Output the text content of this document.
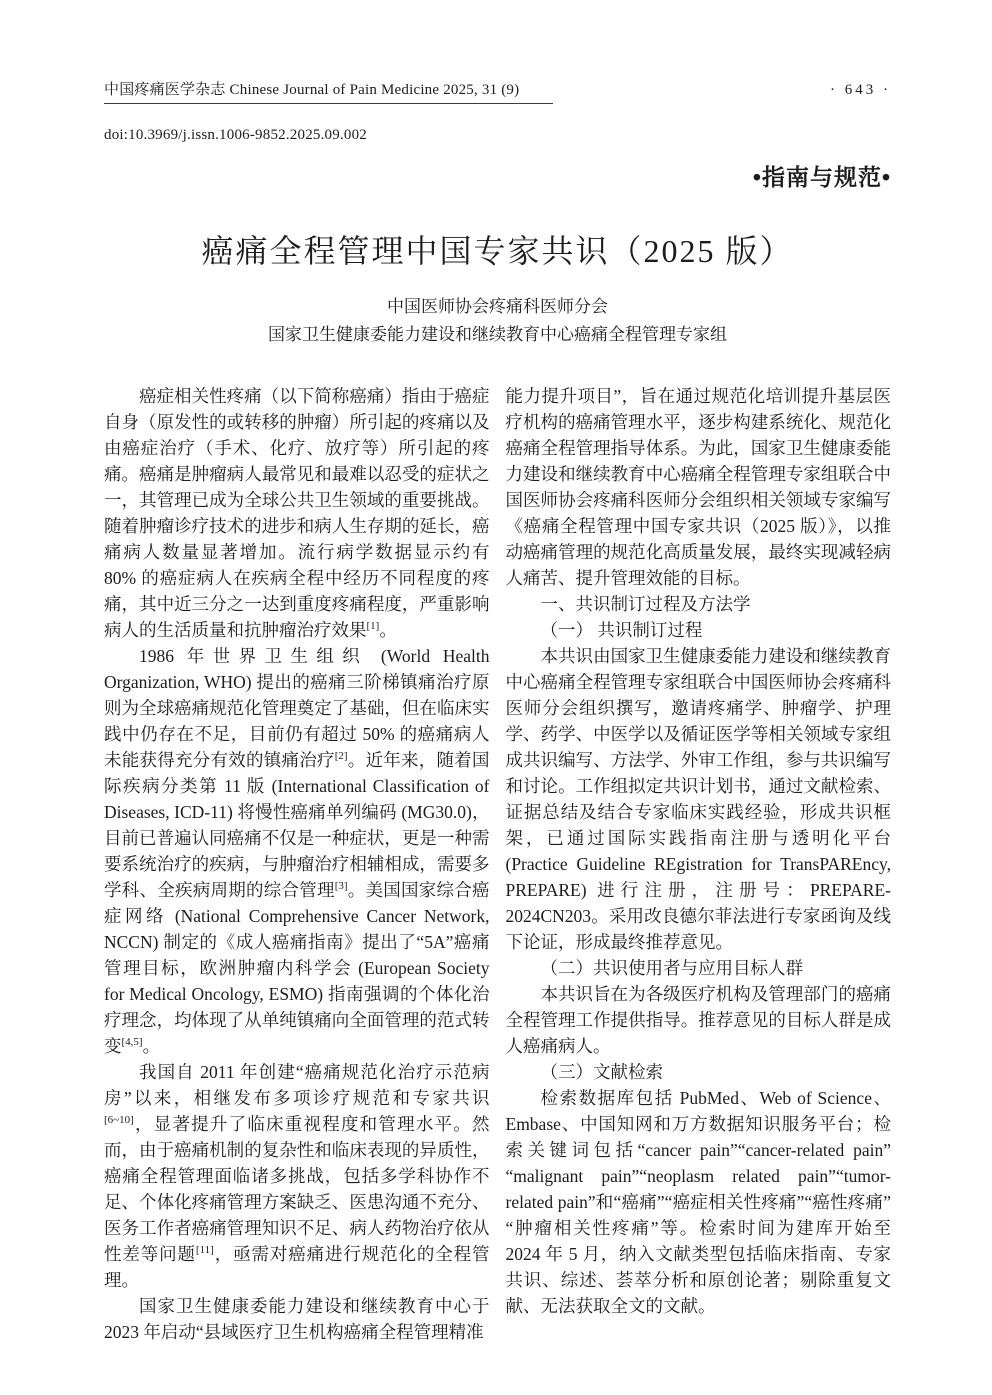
中国疼痛医学杂志 Chinese Journal of Pain Medicine 2025, 31 (9)	· 643 ·
doi:10.3969/j.issn.1006-9852.2025.09.002
•指南与规范•
癌痛全程管理中国专家共识（2025 版）
中国医师协会疼痛科医师分会
国家卫生健康委能力建设和继续教育中心癌痛全程管理专家组

癌症相关性疼痛（以下简称癌痛）指由于癌症自身（原发性的或转移的肿瘤）所引起的疼痛以及由癌症治疗（手术、化疗、放疗等）所引起的疼痛。癌痛是肿瘤病人最常见和最难以忍受的症状之一，其管理已成为全球公共卫生领域的重要挑战。随着肿瘤诊疗技术的进步和病人生存期的延长，癌痛病人数量显著增加。流行病学数据显示约有 80% 的癌症病人在疾病全程中经历不同程度的疼痛，其中近三分之一达到重度疼痛程度，严重影响病人的生活质量和抗肿瘤治疗效果[1]。

1986 年世界卫生组织 (World Health Organization, WHO) 提出的癌痛三阶梯镇痛治疗原则为全球癌痛规范化管理奠定了基础，但在临床实践中仍存在不足，目前仍有超过 50% 的癌痛病人未能获得充分有效的镇痛治疗[2]。近年来，随着国际疾病分类第 11 版 (International Classification of Diseases, ICD-11) 将慢性癌痛单列编码 (MG30.0)，目前已普遍认同癌痛不仅是一种症状，更是一种需要系统治疗的疾病，与肿瘤治疗相辅相成，需要多学科、全疾病周期的综合管理[3]。美国国家综合癌症网络 (National Comprehensive Cancer Network, NCCN) 制定的《成人癌痛指南》提出了“5A”癌痛管理目标，欧洲肿瘤内科学会 (European Society for Medical Oncology, ESMO) 指南强调的个体化治疗理念，均体现了从单纯镇痛向全面管理的范式转变[4,5]。

我国自 2011 年创建“癌痛规范化治疗示范病房”以来，相继发布多项诊疗规范和专家共识[6~10]，显著提升了临床重视程度和管理水平。然而，由于癌痛机制的复杂性和临床表现的异质性，癌痛全程管理面临诸多挑战，包括多学科协作不足、个体化疼痛管理方案缺乏、医患沟通不充分、医务工作者癌痛管理知识不足、病人药物治疗依从性差等问题[11]，亟需对癌痛进行规范化的全程管理。

国家卫生健康委能力建设和继续教育中心于 2023 年启动“县域医疗卫生机构癌痛全程管理精准

能力提升项目”，旨在通过规范化培训提升基层医疗机构的癌痛管理水平，逐步构建系统化、规范化癌痛全程管理指导体系。为此，国家卫生健康委能力建设和继续教育中心癌痛全程管理专家组联合中国医师协会疼痛科医师分会组织相关领域专家编写《癌痛全程管理中国专家共识（2025 版）》，以推动癌痛管理的规范化高质量发展，最终实现减轻病人痛苦、提升管理效能的目标。

一、共识制订过程及方法学

（一） 共识制订过程

本共识由国家卫生健康委能力建设和继续教育中心癌痛全程管理专家组联合中国医师协会疼痛科医师分会组织撰写，邀请疼痛学、肿瘤学、护理学、药学、中医学以及循证医学等相关领域专家组成共识编写、方法学、外审工作组，参与共识编写和讨论。工作组拟定共识计划书，通过文献检索、证据总结及结合专家临床实践经验，形成共识框架，已通过国际实践指南注册与透明化平台 (Practice Guideline REgistration for TransPAREncy, PREPARE) 进行注册，注册号：PREPARE-2024CN203。采用改良德尔菲法进行专家函询及线下论证，形成最终推荐意见。

（二）共识使用者与应用目标人群

本共识旨在为各级医疗机构及管理部门的癌痛全程管理工作提供指导。推荐意见的目标人群是成人癌痛病人。

（三）文献检索

检索数据库包括 PubMed、Web of Science、Embase、中国知网和万方数据知识服务平台；检索关键词包括“cancer pain”“cancer-related pain”“malignant pain”“neoplasm related pain”“tumor-related pain”和“癌痛”“癌症相关性疼痛”“癌性疼痛”“肿瘤相关性疼痛”等。检索时间为建库开始至 2024 年 5 月，纳入文献类型包括临床指南、专家共识、综述、荟萃分析和原创论著；剔除重复文献、无法获取全文的文献。
